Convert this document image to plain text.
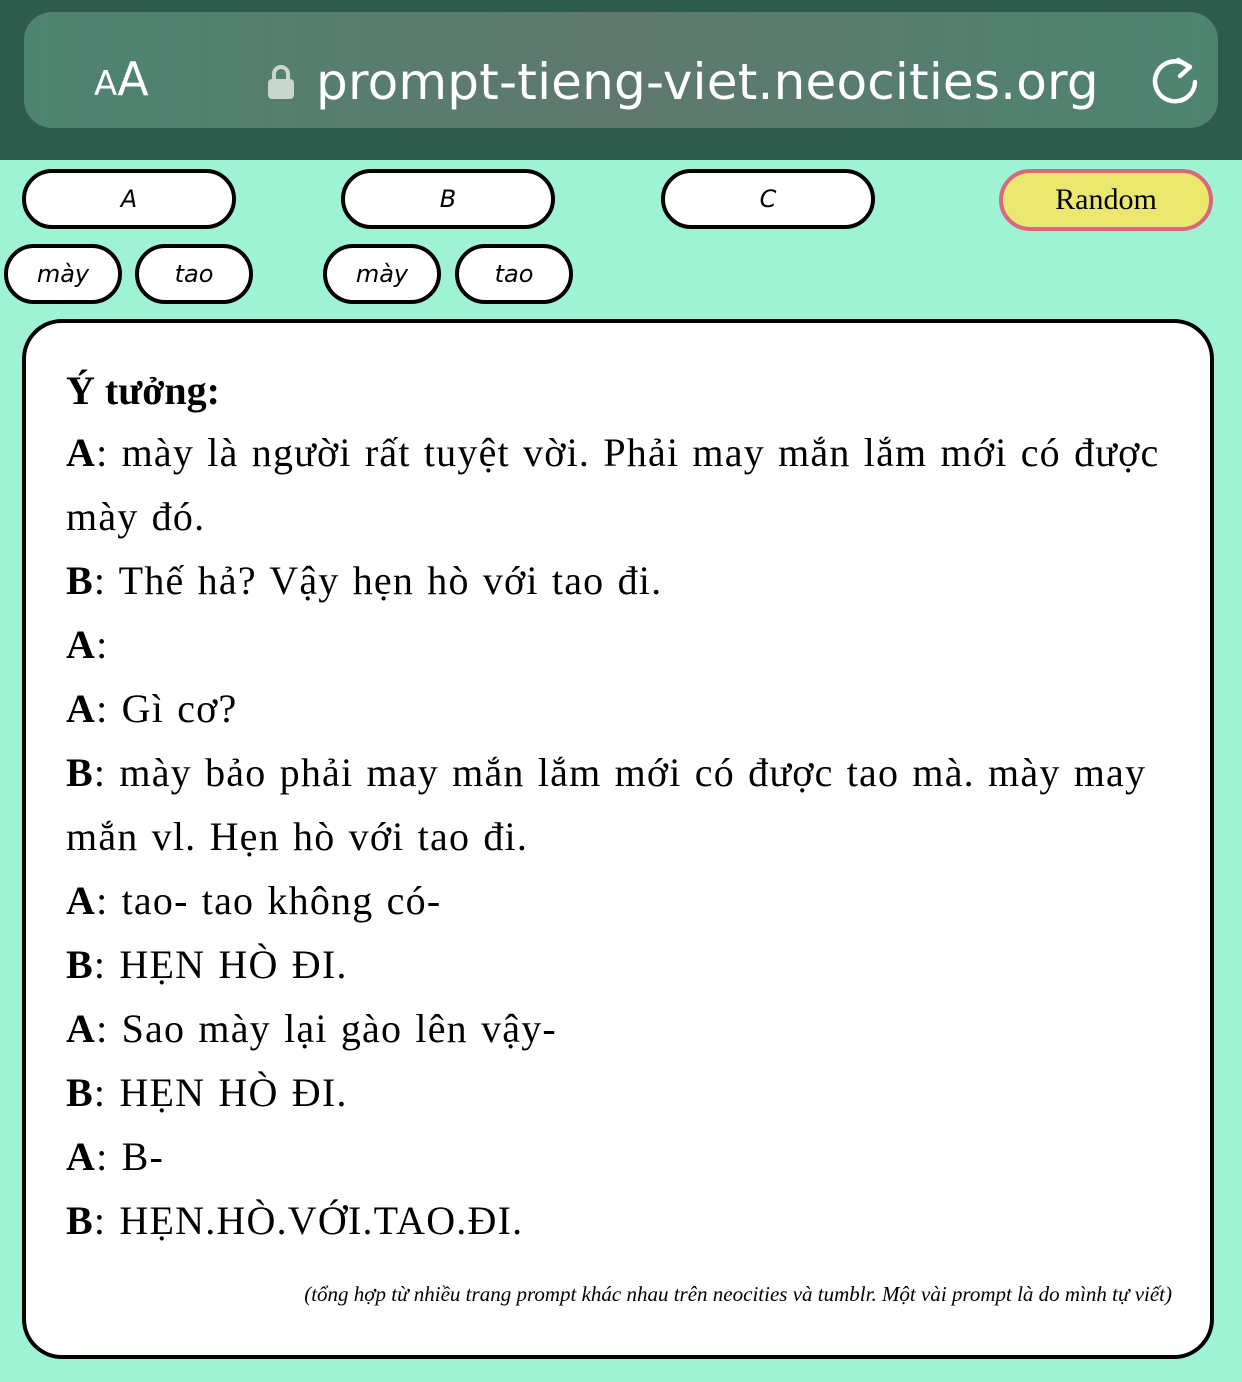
AA	prompt-tieng-viet.neocities.org
A	B	C	Random
mày	tao	mày	tao
Ý tưởng:
A: mày là người rất tuyệt vời. Phải may mắn lắm mới có được mày đó.
B: Thế hả? Vậy hẹn hò với tao đi.
A:
A: Gì cơ?
B: mày bảo phải may mắn lắm mới có được tao mà. mày may mắn vl. Hẹn hò với tao đi.
A: tao- tao không có-
B: HẸN HÒ ĐI.
A: Sao mày lại gào lên vậy-
B: HẸN HÒ ĐI.
A: B-
B: HẸN.HÒ.VỚI.TAO.ĐI.
(tổng hợp từ nhiều trang prompt khác nhau trên neocities và tumblr. Một vài prompt là do mình tự viết)
